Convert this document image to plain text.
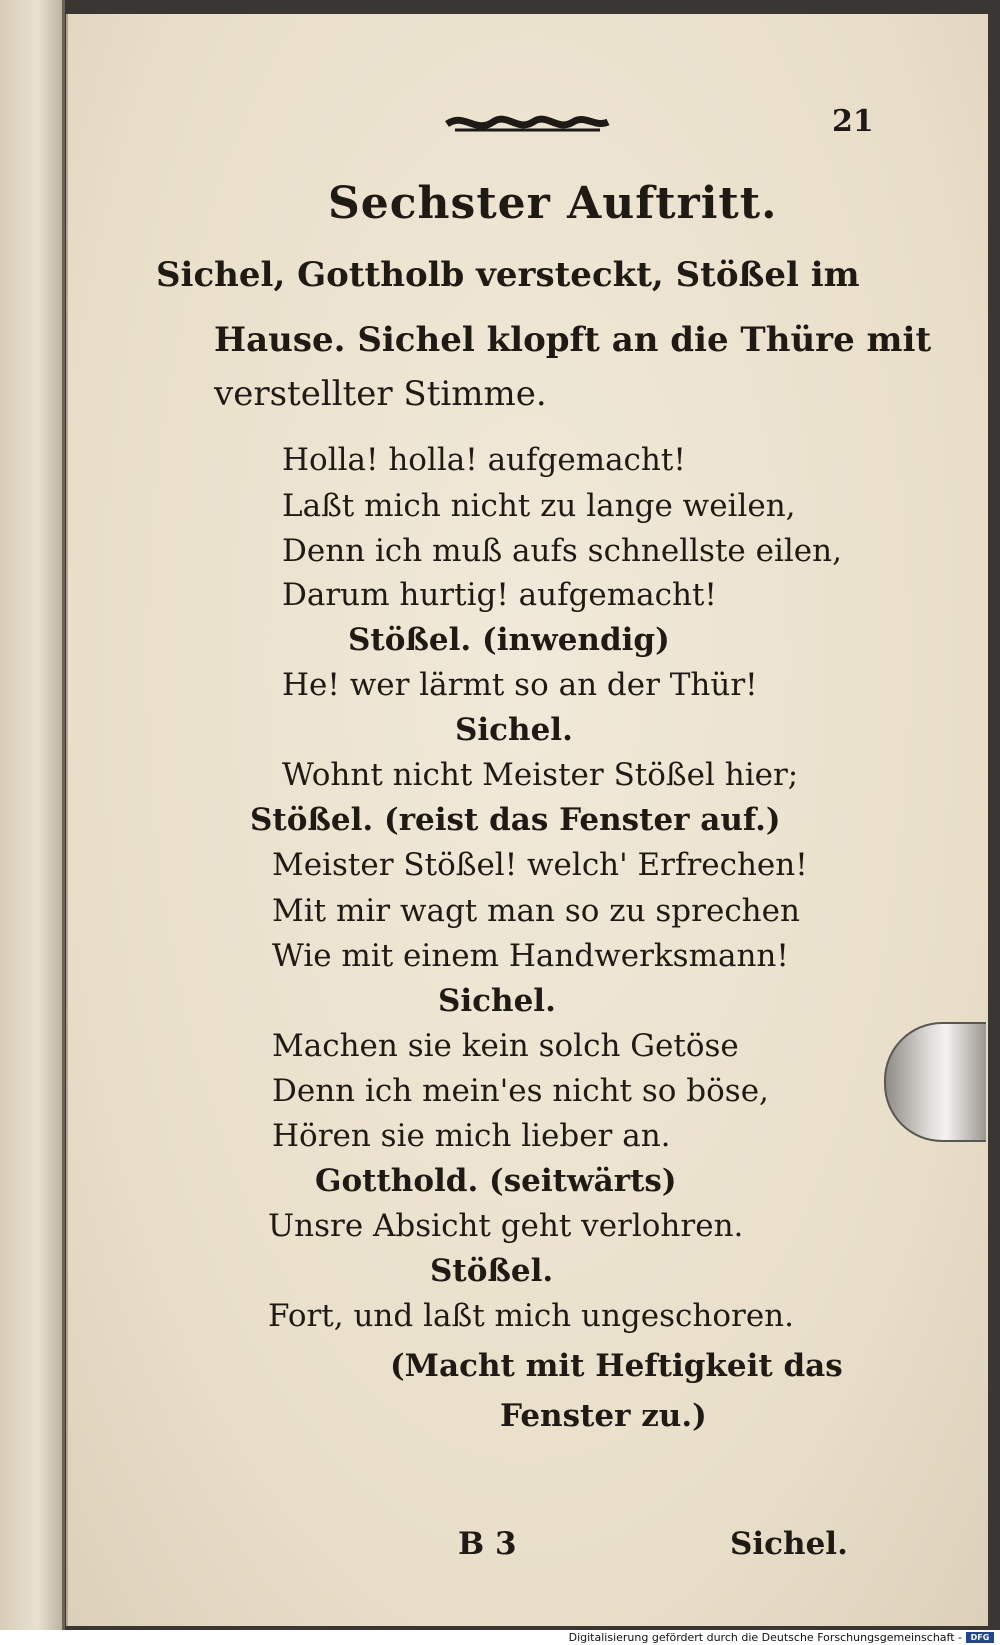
21
Sechster Auftritt.
Sichel, Gottholb versteckt, Stößel im
Hause. Sichel klopft an die Thüre mit
verstellter Stimme.
Holla! holla! aufgemacht!
Laßt mich nicht zu lange weilen,
Denn ich muß aufs schnellste eilen,
Darum hurtig! aufgemacht!
Stößel. (inwendig)
He! wer lärmt so an der Thür!
Sichel.
Wohnt nicht Meister Stößel hier;
Stößel. (reist das Fenster auf.)
Meister Stößel! welch' Erfrechen!
Mit mir wagt man so zu sprechen
Wie mit einem Handwerksmann!
Sichel.
Machen sie kein solch Getöse
Denn ich mein'es nicht so böse,
Hören sie mich lieber an.
Gotthold. (seitwärts)
Unsre Absicht geht verlohren.
Stößel.
Fort, und laßt mich ungeschoren.
(Macht mit Heftigkeit das
Fenster zu.)
B 3	Sichel.
Digitalisierung gefördert durch die Deutsche Forschungsgemeinschaft -	DFG
